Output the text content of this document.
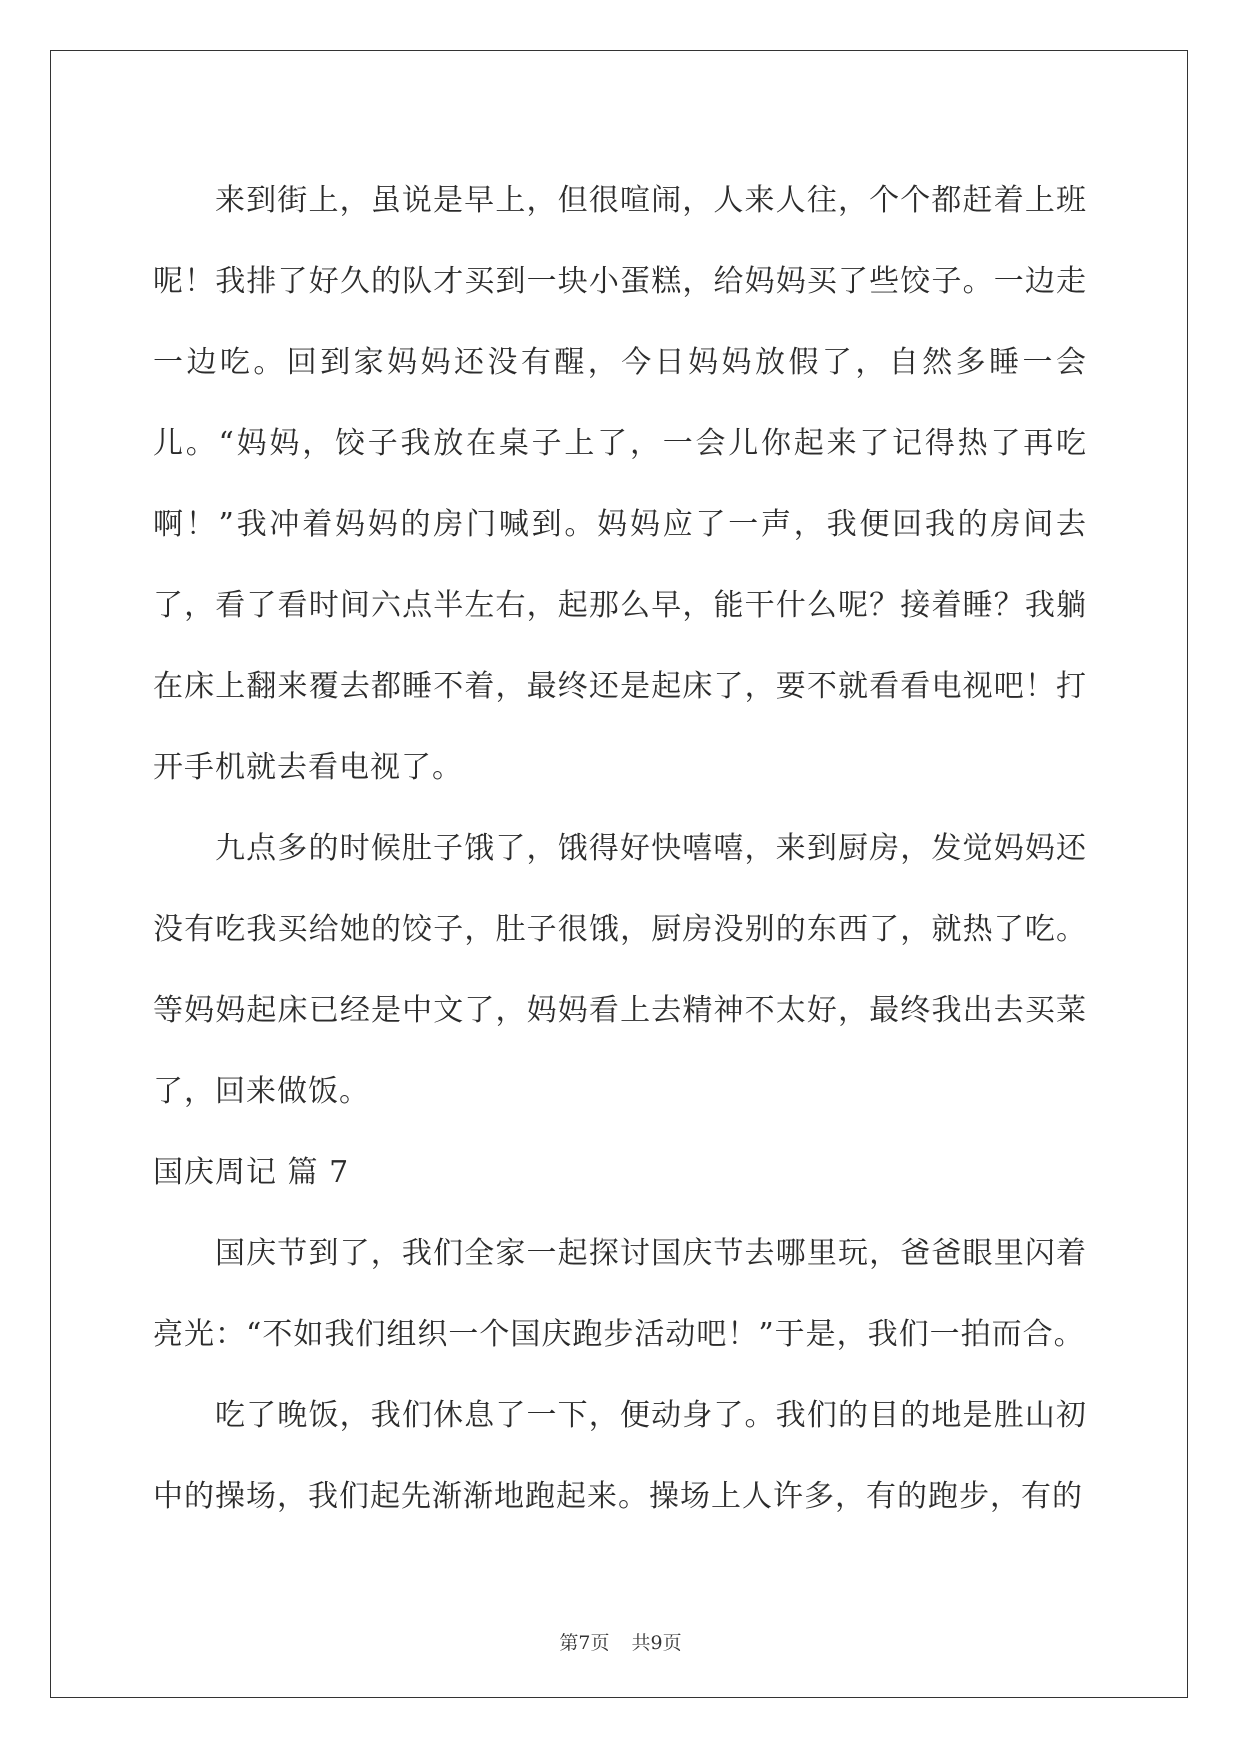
来到街上，虽说是早上，但很喧闹，人来人往，个个都赶着上班呢！我排了好久的队才买到一块小蛋糕，给妈妈买了些饺子。一边走一边吃。回到家妈妈还没有醒，今日妈妈放假了，自然多睡一会儿。“妈妈，饺子我放在桌子上了，一会儿你起来了记得热了再吃啊！”我冲着妈妈的房门喊到。妈妈应了一声，我便回我的房间去了，看了看时间六点半左右，起那么早，能干什么呢？接着睡？我躺在床上翻来覆去都睡不着，最终还是起床了，要不就看看电视吧！打开手机就去看电视了。

九点多的时候肚子饿了，饿得好快嘻嘻，来到厨房，发觉妈妈还没有吃我买给她的饺子，肚子很饿，厨房没别的东西了，就热了吃。等妈妈起床已经是中文了，妈妈看上去精神不太好，最终我出去买菜了，回来做饭。

国庆周记 篇 7

国庆节到了，我们全家一起探讨国庆节去哪里玩，爸爸眼里闪着亮光：“不如我们组织一个国庆跑步活动吧！”于是，我们一拍而合。

吃了晚饭，我们休息了一下，便动身了。我们的目的地是胜山初中的操场，我们起先渐渐地跑起来。操场上人许多，有的跑步，有的

第7页 共9页
